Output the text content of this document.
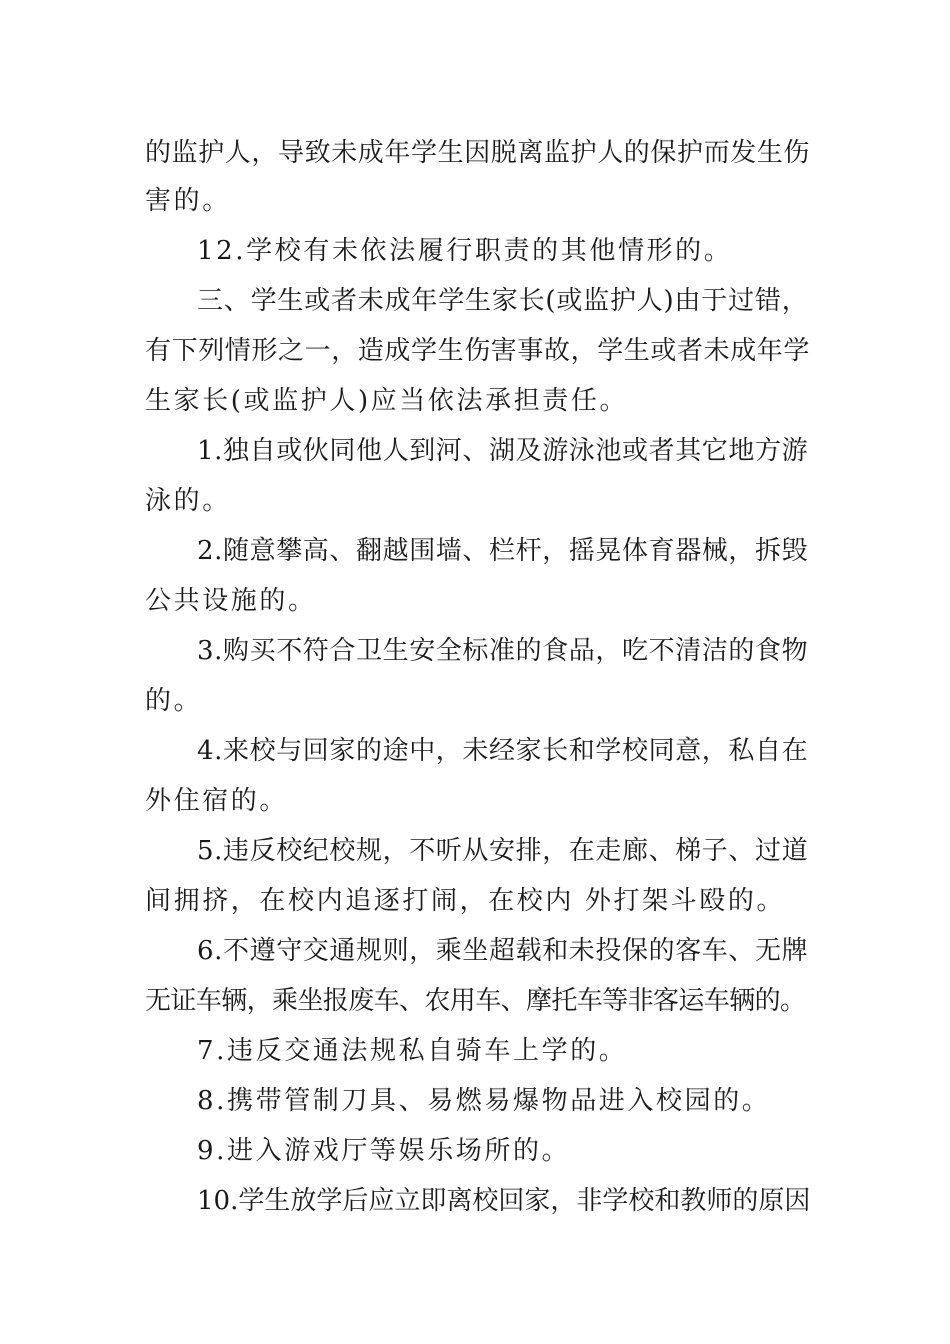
的监护人，导致未成年学生因脱离监护人的保护而发生伤
害的。
12.学校有未依法履行职责的其他情形的。
三、学生或者未成年学生家长(或监护人)由于过错，
有下列情形之一，造成学生伤害事故，学生或者未成年学
生家长(或监护人)应当依法承担责任。
1.独自或伙同他人到河、湖及游泳池或者其它地方游
泳的。
2.随意攀高、翻越围墙、栏杆，摇晃体育器械，拆毁
公共设施的。
3.购买不符合卫生安全标准的食品，吃不清洁的食物
的。
4.来校与回家的途中，未经家长和学校同意，私自在
外住宿的。
5.违反校纪校规，不听从安排，在走廊、梯子、过道
间拥挤，在校内追逐打闹，在校内 外打架斗殴的。
6.不遵守交通规则，乘坐超载和未投保的客车、无牌
无证车辆，乘坐报废车、农用车、摩托车等非客运车辆的。
7.违反交通法规私自骑车上学的。
8.携带管制刀具、易燃易爆物品进入校园的。
9.进入游戏厅等娱乐场所的。
10.学生放学后应立即离校回家，非学校和教师的原因
